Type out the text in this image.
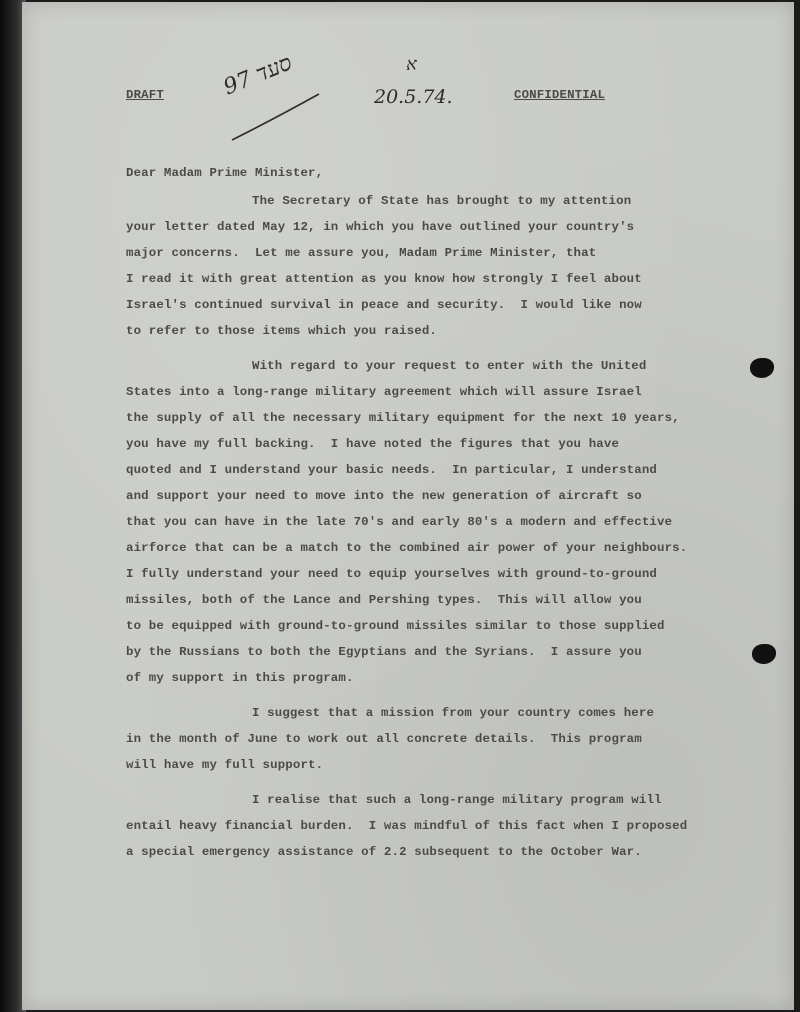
DRAFT	CONFIDENTIAL
97 סעד	א
20.5.74.
Dear Madam Prime Minister,
The Secretary of State has brought to my attention
your letter dated May 12, in which you have outlined your country's
major concerns.  Let me assure you, Madam Prime Minister, that
I read it with great attention as you know how strongly I feel about
Israel's continued survival in peace and security.  I would like now
to refer to those items which you raised.
With regard to your request to enter with the United
States into a long-range military agreement which will assure Israel
the supply of all the necessary military equipment for the next 10 years,
you have my full backing.  I have noted the figures that you have
quoted and I understand your basic needs.  In particular, I understand
and support your need to move into the new generation of aircraft so
that you can have in the late 70's and early 80's a modern and effective
airforce that can be a match to the combined air power of your neighbours.
I fully understand your need to equip yourselves with ground-to-ground
missiles, both of the Lance and Pershing types.  This will allow you
to be equipped with ground-to-ground missiles similar to those supplied
by the Russians to both the Egyptians and the Syrians.  I assure you
of my support in this program.
I suggest that a mission from your country comes here
in the month of June to work out all concrete details.  This program
will have my full support.
I realise that such a long-range military program will
entail heavy financial burden.  I was mindful of this fact when I proposed
a special emergency assistance of 2.2 subsequent to the October War.
